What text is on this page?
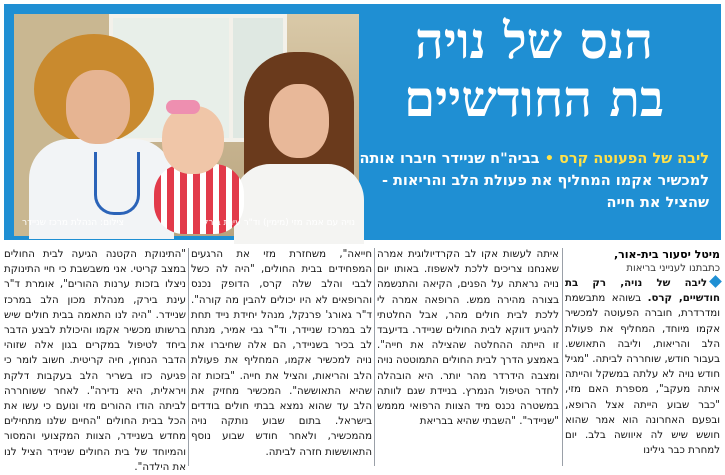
נויה עם אמה מזי (מימין) וד"ר עינת בירק.
צילום: הנהלת מרכז שניידר
הנס של נויה
בת החודשיים
ליבה של הפעוטה קרס • בביה"ח שניידר חיברו אותה למכשיר אקמו המחליף את פעולת הלב והריאות - שהציל את חייה

מיטל יסעור בית-אור,

כתבתנו לענייני בריאות

ליבה של נויה, רק בת חודשיים, קרס. בשוהא מתבשמת ומדרדרת, חוברה הפעוטה למכשיר אקמו מיוחד, המחליף את פעולת הלב והריאות, וליבה התאושש. בעבור חודש, שוחררה לביתה. "מגיל חודש נויה לא עלתה במשקל והייתה איתה מעקב", מספרת האם מזי, "כבר שבוע הייתה אצל הרופא, ובפעם האחרונה הוא אמר שהוא חושש שיש לה איוושה בלב. יום למחרת כבר גילינו

איתה לעשות אקו לב הקרדיולוגית אמרה שאנחנו צריכים ללכת לאשפוז. באותו יום נויה נראתה על הפנים, הקיאה והתנשמה בצורה מהירה ממש. הרופאה אמרה לי ללכת לבית חולים מהר, אבל החלטתי להגיע דווקא לבית החולים שניידר. בדיעבד זו הייתה ההחלטה שהצילה את חייה". באמצע הדרך לבית החולים התמוטטה נויה ומצבה הידרדר מהר יותר. היא הובהלה לחדר הטיפול הנמרץ. בניידת שגם לוותה במשטרה נכנס מיד הצוות הרפואי מממש "שניידר". "השבתי שהיא בבריאת

חייאה", משחזרת מזי את הרגעים המפחידים בבית החולים, "היה לה כשל לבבי והלב שלה קרס, הדופק נכנס והרופאים לא היו יכולים להבין מה קורה". ד"ר גאורג' פרנקל, מנהל יחידת נייד תחת לב במרכז שניידר, וד"ר גבי אמיר, מנתח לב בכיר בשניידר, הם אלה שחיברו את נויה למכשיר אקמו, המחליף את פעולת הלב והריאות, והציל את חייה. "בזכות זה שהיא התאוששה". המכשיר מחזיק את הלב עד שהוא נמצא בבתי חולים בודדים בישראל. בתום שבוע נותקה נויה מהמכשיר, ולאחר חודש שבוע נוסף התאוששות חזרה לביתה.

"התינוקת הקטנה הגיעה לבית החולים במצב קריטי. אני משבשבת כי חיי התינוקת ניצלו בזכות ערנות ההורים", אומרת ד"ר עינת בירק, מנהלת מכון הלב במרכז שניידר. "היה לנו התאמה בבית חולים שיש ברשותו מכשיר אקמו והיכולת לבצע הדבר ביחד לטיפול במקרים בגון אלה שזוהי הדבר הנחוץ, חיה קריטית. חשוב לומר כי פגיעה כזו בשריר הלב בעקבות דלקת ויראלית, היא נדירה". לאחר ששוחררה לביתה הודו ההורים מזי ונועם כי עשו את הכל בבית החולים "החיים שלנו מתחילים מחדש בשניידר, הצוות המקצועי והמסור והמיוחד של בית החולים שניידר הציל לנו את הילדה".
